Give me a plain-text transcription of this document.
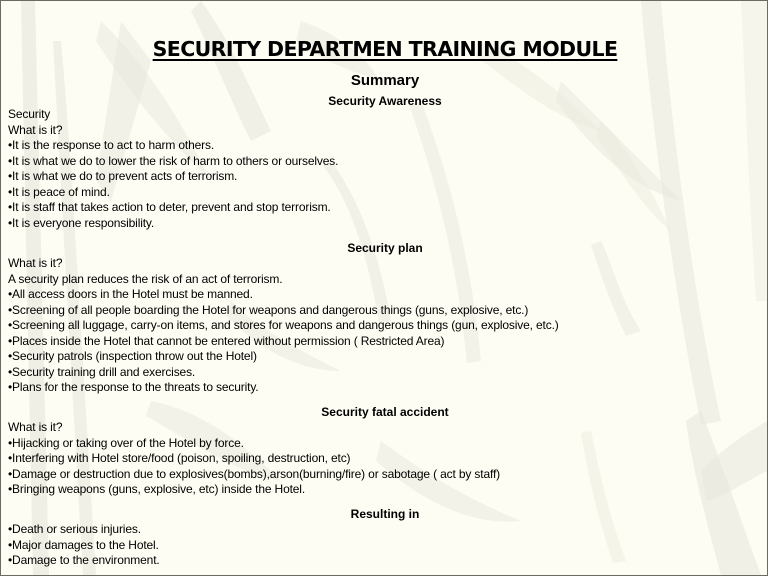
SECURITY DEPARTMEN TRAINING MODULE
Summary
Security Awareness
Security
What is it?
•It is the response to act to harm others.
•It is what we do to lower the risk of harm to others or ourselves.
•It is what we do to prevent acts of terrorism.
•It is peace of mind.
•It is staff that takes action to deter, prevent and stop terrorism.
•It is everyone responsibility.
Security plan
What is it?
A security plan reduces the risk of an act of terrorism.
•All access doors in the Hotel must be manned.
•Screening of all people boarding the Hotel for weapons and dangerous things (guns, explosive, etc.)
•Screening all luggage, carry-on items, and stores for weapons and dangerous things (gun, explosive, etc.)
•Places inside the Hotel that cannot be entered without permission ( Restricted Area)
•Security patrols (inspection throw out the Hotel)
•Security training drill and exercises.
•Plans for the response to the threats to security.
Security fatal accident
What is it?
•Hijacking or taking over of the Hotel by force.
•Interfering with Hotel store/food (poison, spoiling, destruction, etc)
•Damage or destruction due to explosives(bombs),arson(burning/fire) or sabotage ( act by staff)
•Bringing weapons (guns, explosive, etc) inside the Hotel.
Resulting in
•Death or serious injuries.
•Major damages to the Hotel.
•Damage to the environment.
